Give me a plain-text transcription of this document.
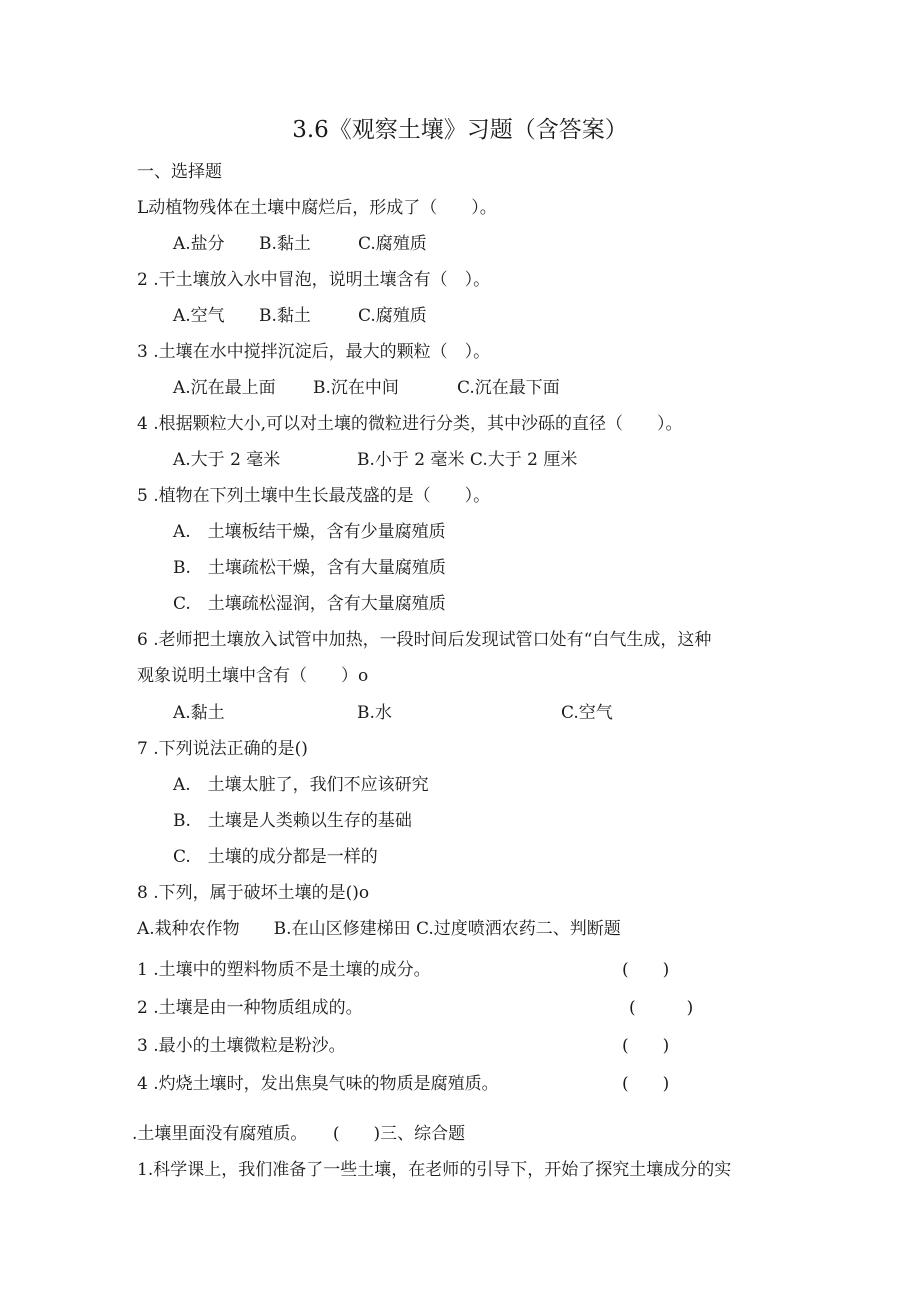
3.6《观察土壤》习题（含答案）
一、选择题
L动植物残体在土壤中腐烂后，形成了（　　）。
A.盐分 B.黏土	C.腐殖质
2 .干土壤放入水中冒泡，说明土壤含有（　）。
A.空气 B.黏土	C.腐殖质
3 .土壤在水中搅拌沉淀后，最大的颗粒（　）。
A.沉在最上面 B.沉在中间	C.沉在最下面
4 .根据颗粒大小,可以对土壤的微粒进行分类，其中沙砾的直径（　　）。
A.大于 2 毫米	B.小于 2 毫米 C.大于 2 厘米
5 .植物在下列土壤中生长最茂盛的是（　　）。
A.　土壤板结干燥，含有少量腐殖质
B.　土壤疏松干燥，含有大量腐殖质
C.　土壤疏松湿润，含有大量腐殖质
6 .老师把土壤放入试管中加热，一段时间后发现试管口处有“白气生成，这种
观象说明土壤中含有（　　）o
A.黏土	B.水	C.空气
7 .下列说法正确的是()
A.　土壤太脏了，我们不应该研究
B.　土壤是人类赖以生存的基础
C.　土壤的成分都是一样的
8 .下列，属于破坏土壤的是()o
A.栽种农作物　　B.在山区修建梯田 C.过度喷洒农药二、判断题
1 .土壤中的塑料物质不是土壤的成分。	(　　)
2 .土壤是由一种物质组成的。	(　　　)
3 .最小的土壤微粒是粉沙。	(　　)
4 .灼烧土壤时，发出焦臭气味的物质是腐殖质。	(　　)
.土壤里面没有腐殖质。　　(　　)三、综合题
1.科学课上，我们准备了一些土壤，在老师的引导下，开始了探究土壤成分的实
